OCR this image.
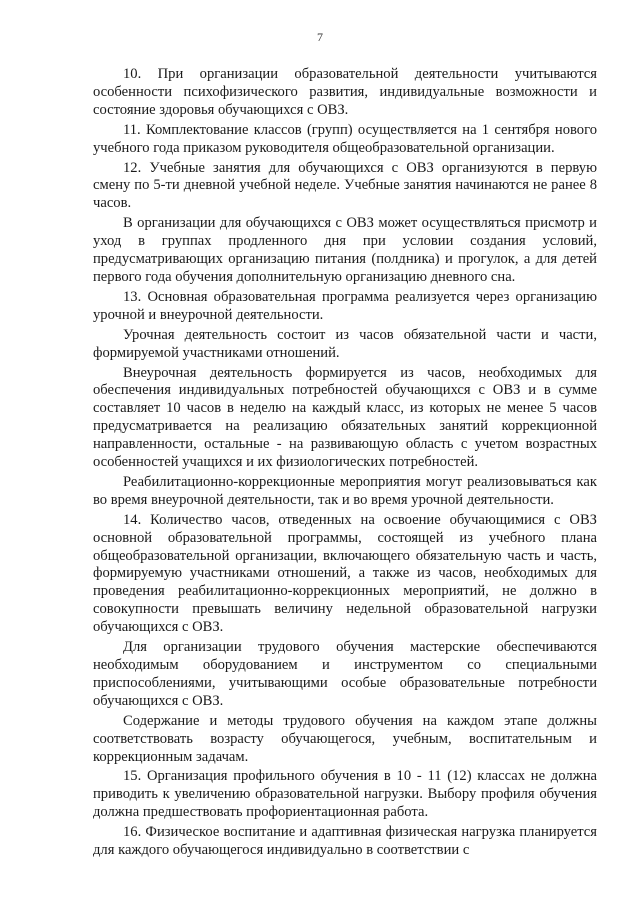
7

10. При организации образовательной деятельности учитываются особенности психофизического развития, индивидуальные возможности и состояние здоровья обучающихся с ОВЗ.

11. Комплектование классов (групп) осуществляется на 1 сентября нового учебного года приказом руководителя общеобразовательной организации.

12. Учебные занятия для обучающихся с ОВЗ организуются в первую смену по 5-ти дневной учебной неделе. Учебные занятия начинаются не ранее 8 часов.

В организации для обучающихся с ОВЗ может осуществляться присмотр и уход в группах продленного дня при условии создания условий, предусматривающих организацию питания (полдника) и прогулок, а для детей первого года обучения дополнительную организацию дневного сна.

13. Основная образовательная программа реализуется через организацию урочной и внеурочной деятельности.

Урочная деятельность состоит из часов обязательной части и части, формируемой участниками отношений.

Внеурочная деятельность формируется из часов, необходимых для обеспечения индивидуальных потребностей обучающихся с ОВЗ и в сумме составляет 10 часов в неделю на каждый класс, из которых не менее 5 часов предусматривается на реализацию обязательных занятий коррекционной направленности, остальные - на развивающую область с учетом возрастных особенностей учащихся и их физиологических потребностей.

Реабилитационно-коррекционные мероприятия могут реализовываться как во время внеурочной деятельности, так и во время урочной деятельности.

14. Количество часов, отведенных на освоение обучающимися с ОВЗ основной образовательной программы, состоящей из учебного плана общеобразовательной организации, включающего обязательную часть и часть, формируемую участниками отношений, а также из часов, необходимых для проведения реабилитационно-коррекционных мероприятий, не должно в совокупности превышать величину недельной образовательной нагрузки обучающихся с ОВЗ.

Для организации трудового обучения мастерские обеспечиваются необходимым оборудованием и инструментом со специальными приспособлениями, учитывающими особые образовательные потребности обучающихся с ОВЗ.

Содержание и методы трудового обучения на каждом этапе должны соответствовать возрасту обучающегося, учебным, воспитательным и коррекционным задачам.

15. Организация профильного обучения в 10 - 11 (12) классах не должна приводить к увеличению образовательной нагрузки. Выбору профиля обучения должна предшествовать профориентационная работа.

16. Физическое воспитание и адаптивная физическая нагрузка планируется для каждого обучающегося индивидуально в соответствии с
